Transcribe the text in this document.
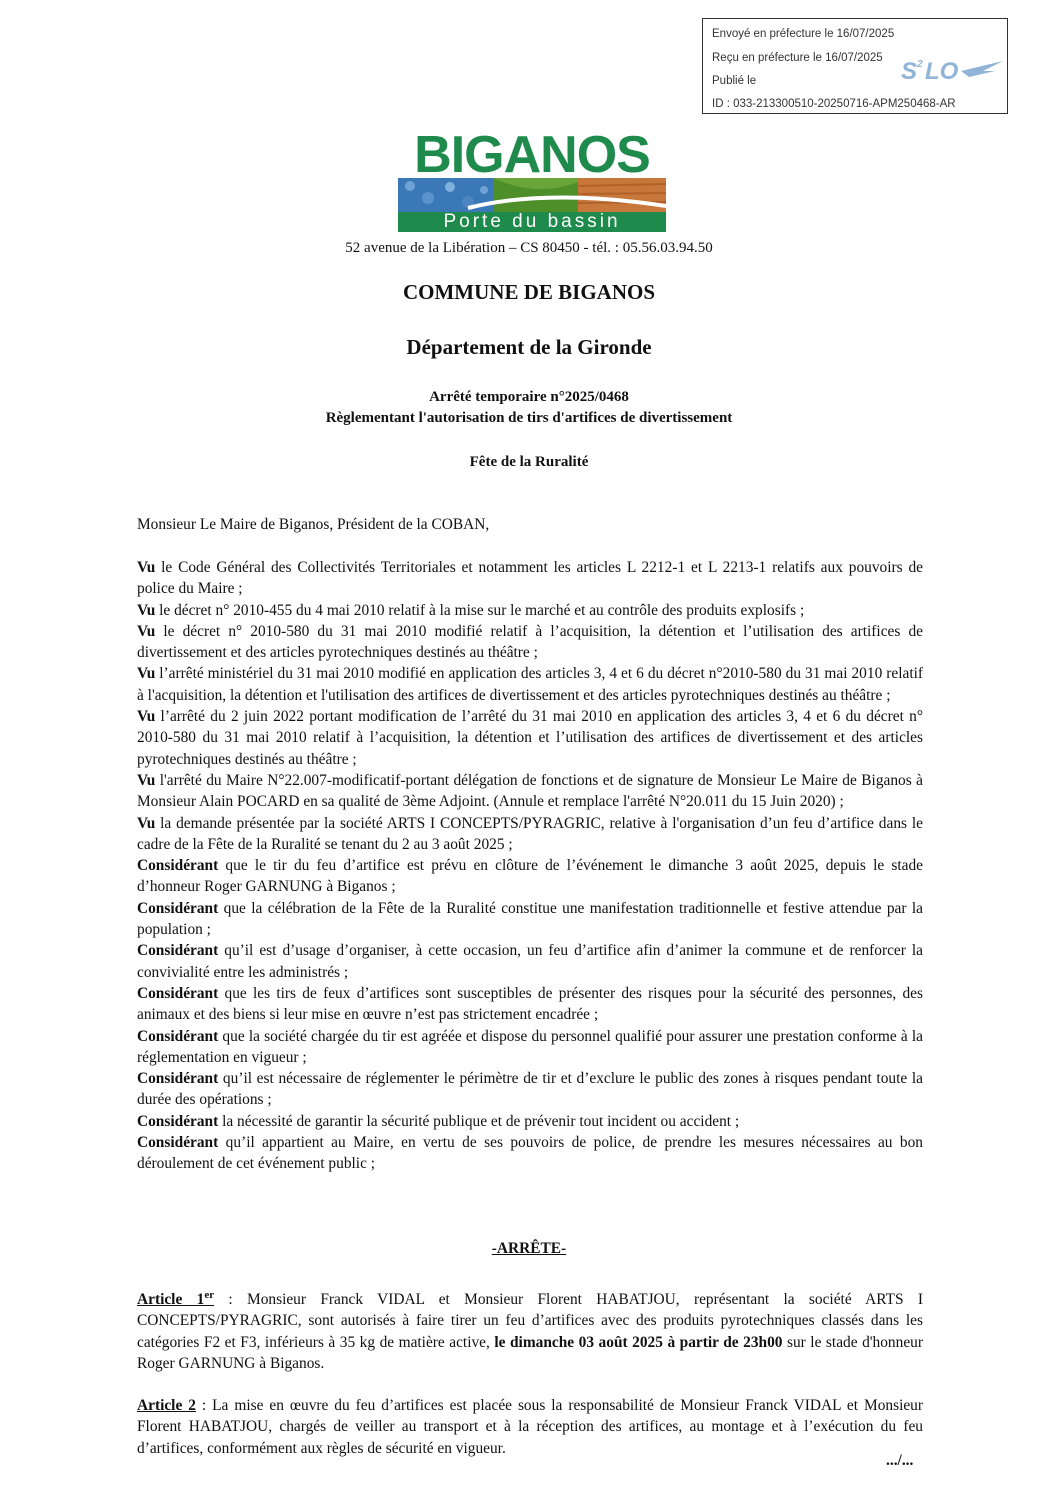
Envoyé en préfecture le 16/07/2025
Reçu en préfecture le 16/07/2025
Publié le
ID : 033-213300510-20250716-APM250468-AR
S 2 LO
BIGANOS
Porte du bassin
52 avenue de la Libération – CS 80450 - tél. : 05.56.03.94.50
COMMUNE DE BIGANOS
Département de la Gironde
Arrêté temporaire n°2025/0468
Règlementant l'autorisation de tirs d'artifices de divertissement
Fête de la Ruralité
Monsieur Le Maire de Biganos, Président de la COBAN,

Vu le Code Général des Collectivités Territoriales et notamment les articles L 2212-1 et L 2213-1 relatifs aux pouvoirs de police du Maire ;

Vu le décret n° 2010-455 du 4 mai 2010 relatif à la mise sur le marché et au contrôle des produits explosifs ;

Vu le décret n° 2010-580 du 31 mai 2010 modifié relatif à l’acquisition, la détention et l’utilisation des artifices de divertissement et des articles pyrotechniques destinés au théâtre ;

Vu l’arrêté ministériel du 31 mai 2010 modifié en application des articles 3, 4 et 6 du décret n°2010-580 du 31 mai 2010 relatif à l'acquisition, la détention et l'utilisation des artifices de divertissement et des articles pyrotechniques destinés au théâtre ;

Vu l’arrêté du 2 juin 2022 portant modification de l’arrêté du 31 mai 2010 en application des articles 3, 4 et 6 du décret n° 2010-580 du 31 mai 2010 relatif à l’acquisition, la détention et l’utilisation des artifices de divertissement et des articles pyrotechniques destinés au théâtre ;

Vu l'arrêté du Maire N°22.007-modificatif-portant délégation de fonctions et de signature de Monsieur Le Maire de Biganos à Monsieur Alain POCARD en sa qualité de 3ème Adjoint. (Annule et remplace l'arrêté N°20.011 du 15 Juin 2020) ;

Vu la demande présentée par la société ARTS I CONCEPTS/PYRAGRIC, relative à l'organisation d’un feu d’artifice dans le cadre de la Fête de la Ruralité se tenant du 2 au 3 août 2025 ;

Considérant que le tir du feu d’artifice est prévu en clôture de l’événement le dimanche 3 août 2025, depuis le stade d’honneur Roger GARNUNG à Biganos ;

Considérant que la célébration de la Fête de la Ruralité constitue une manifestation traditionnelle et festive attendue par la population ;

Considérant qu’il est d’usage d’organiser, à cette occasion, un feu d’artifice afin d’animer la commune et de renforcer la convivialité entre les administrés ;

Considérant que les tirs de feux d’artifices sont susceptibles de présenter des risques pour la sécurité des personnes, des animaux et des biens si leur mise en œuvre n’est pas strictement encadrée ;

Considérant que la société chargée du tir est agréée et dispose du personnel qualifié pour assurer une prestation conforme à la réglementation en vigueur ;

Considérant qu’il est nécessaire de réglementer le périmètre de tir et d’exclure le public des zones à risques pendant toute la durée des opérations ;

Considérant la nécessité de garantir la sécurité publique et de prévenir tout incident ou accident ;

Considérant qu’il appartient au Maire, en vertu de ses pouvoirs de police, de prendre les mesures nécessaires au bon déroulement de cet événement public ;

-ARRÊTE-

Article 1er : Monsieur Franck VIDAL et Monsieur Florent HABATJOU, représentant la société ARTS I CONCEPTS/PYRAGRIC, sont autorisés à faire tirer un feu d’artifices avec des produits pyrotechniques classés dans les catégories F2 et F3, inférieurs à 35 kg de matière active, le dimanche 03 août 2025 à partir de 23h00 sur le stade d'honneur Roger GARNUNG à Biganos.

Article 2 : La mise en œuvre du feu d’artifices est placée sous la responsabilité de Monsieur Franck VIDAL et Monsieur Florent HABATJOU, chargés de veiller au transport et à la réception des artifices, au montage et à l’exécution du feu d’artifices, conformément aux règles de sécurité en vigueur.

.../...
